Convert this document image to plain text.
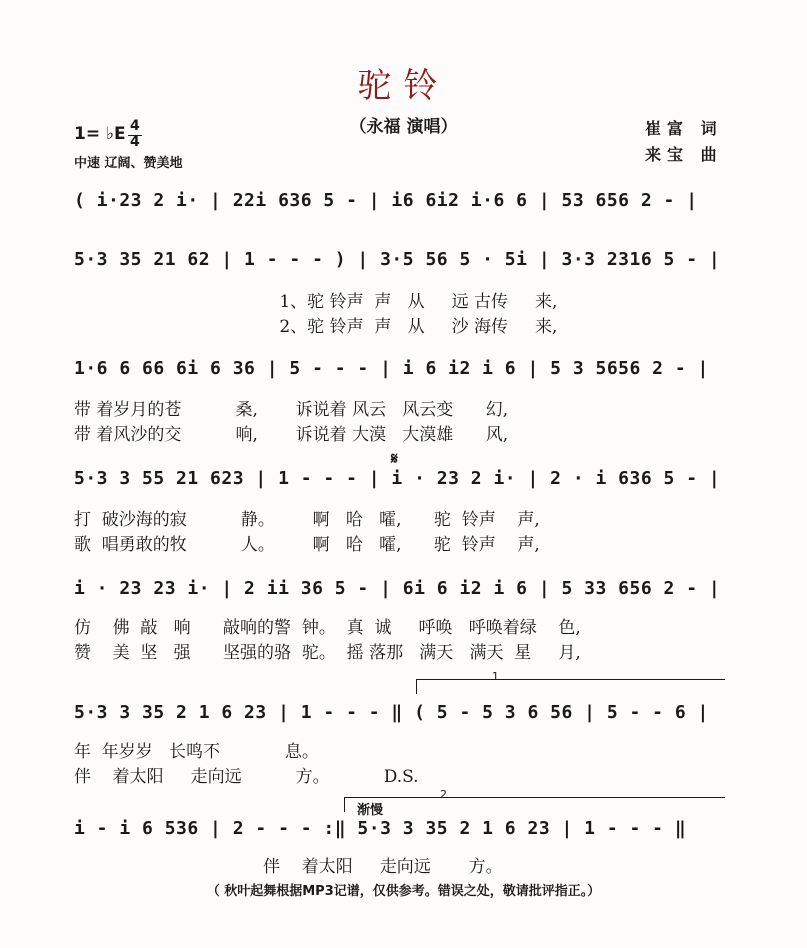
驼铃
（永福 演唱）
1= ♭E 4
4
中速 辽阔、赞美地
崔富 词
来宝 曲
( i·23 2 i· | 22i 636 5 - | i6 6i2 i·6 6 | 53 656 2 - |
5·3 35 21 62 | 1 - - - ) | 3·5 56 5 · 5i | 3·3 2316 5 - |
1、驼 铃声  声   从     远 古传     来,
2、驼 铃声  声   从     沙 海传     来,
1·6 6 66 6i 6 36 | 5 - - - | i 6 i2 i 6 | 5 3 5656 2 - |
带 着岁月的苍          桑,       诉说着 风云   风云变      幻,
带 着风沙的交          响,       诉说着 大漠   大漠雄      风,
𝄋
5·3 3 55 21 623 | 1 - - - | i · 23 2 i· | 2 · i 636 5 - |
打  破沙海的寂          静。       啊   哈   嚯,      驼  铃声    声,
歌  唱勇敢的牧          人。       啊   哈   嚯,      驼  铃声    声,
i · 23 23 i· | 2 ii 36 5 - | 6i 6 i2 i 6 | 5 33 656 2 - |
仿    佛  敲   响      敲响的警  钟。  真  诚     呼唤   呼唤着绿    色,
赞    美  坚   强      坚强的骆  驼。  摇 落那   满天   满天  星     月,
1
5·3 3 35 2 1 6 23 | 1 - - - ‖ ( 5 - 5 3 6 56 | 5 - - 6 |
年  年岁岁   长鸣不            息。
伴    着太阳     走向远          方。          D.S.
渐慢
2
i - i 6 536 | 2 - - - :‖ 5·3 3 35 2 1 6 23 | 1 - - - ‖
伴    着太阳     走向远       方。
（ 秋叶起舞根据MP3记谱，仅供参考。错误之处，敬请批评指正。）
